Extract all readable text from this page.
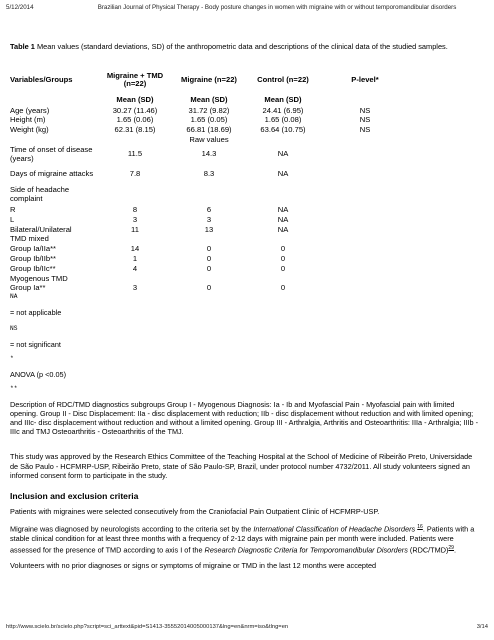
5/12/2014	Brazilian Journal of Physical Therapy - Body posture changes in women with migraine with or without temporomandibular disorders

Table 1 Mean values (standard deviations, SD) of the anthropometric data and descriptions of the clinical data of the studied samples.

Variables/Groups	Migraine + TMD (n=22)	Migraine (n=22)	Control (n=22)	P-level*
	Mean (SD)	Mean (SD)	Mean (SD)	
Age (years)	30.27 (11.46)	31.72 (9.82)	24.41 (6.95)	NS
Height (m)	1.65 (0.06)	1.65 (0.05)	1.65 (0.08)	NS
Weight (kg)	62.31 (8.15)	66.81 (18.69)	63.64 (10.75)	NS
		Raw values		
Time of onset of disease (years)	11.5	14.3	NA	
Days of migraine attacks	7.8	8.3	NA	
Side of headache complaint				
R	8	6	NA	
L	3	3	NA	
Bilateral/Unilateral	11	13	NA	
TMD mixed				
Group Ia/IIa**	14	0	0	
Group Ib/IIb**	1	0	0	
Group Ib/IIc**	4	0	0	
Myogenous TMD				
Group Ia**	3	0	0	
NA
= not applicable
NS
= not significant
*
ANOVA (p <0.05)
**
Description of RDC/TMD diagnostics subgroups Group I - Myogenous Diagnosis: Ia - Ib and Myofascial Pain - Myofascial pain with limited opening. Group II - Disc Displacement: IIa - disc displacement with reduction; IIb - disc displacement without reduction and with limited opening; and IIIc- disc displacement without reduction and without a limited opening. Group III - Arthralgia, Arthritis and Osteoarthritis: IIIa - Arthralgia; IIIb - IIIc and TMJ Osteoarthritis - Osteoarthritis of the TMJ.

This study was approved by the Research Ethics Committee of the Teaching Hospital at the School of Medicine of Ribeirão Preto, Universidade de São Paulo - HCFMRP-USP, Ribeirão Preto, state of São Paulo-SP, Brazil, under protocol number 4732/2011. All study volunteers signed an informed consent form to participate in the study.

Inclusion and exclusion criteria

Patients with migraines were selected consecutively from the Craniofacial Pain Outpatient Clinic of HCFMRP-USP.

Migraine was diagnosed by neurologists according to the criteria set by the International Classification of Headache Disorders $^{16}$. Patients with a stable clinical condition for at least three months with a frequency of 2-12 days with migraine pain per month were included. Patients were assessed for the presence of TMD according to axis I of the Research Diagnostic Criteria for Temporomandibular Disorders $(RDC/TMD)^{29}$.

Volunteers with no prior diagnoses or signs or symptoms of migraine or TMD in the last 12 months were accepted

http://www.scielo.br/scielo.php?script=sci_arttext&pid=S1413-35552014005000137&lng=en&nrm=iso&tlng=en	3/14
